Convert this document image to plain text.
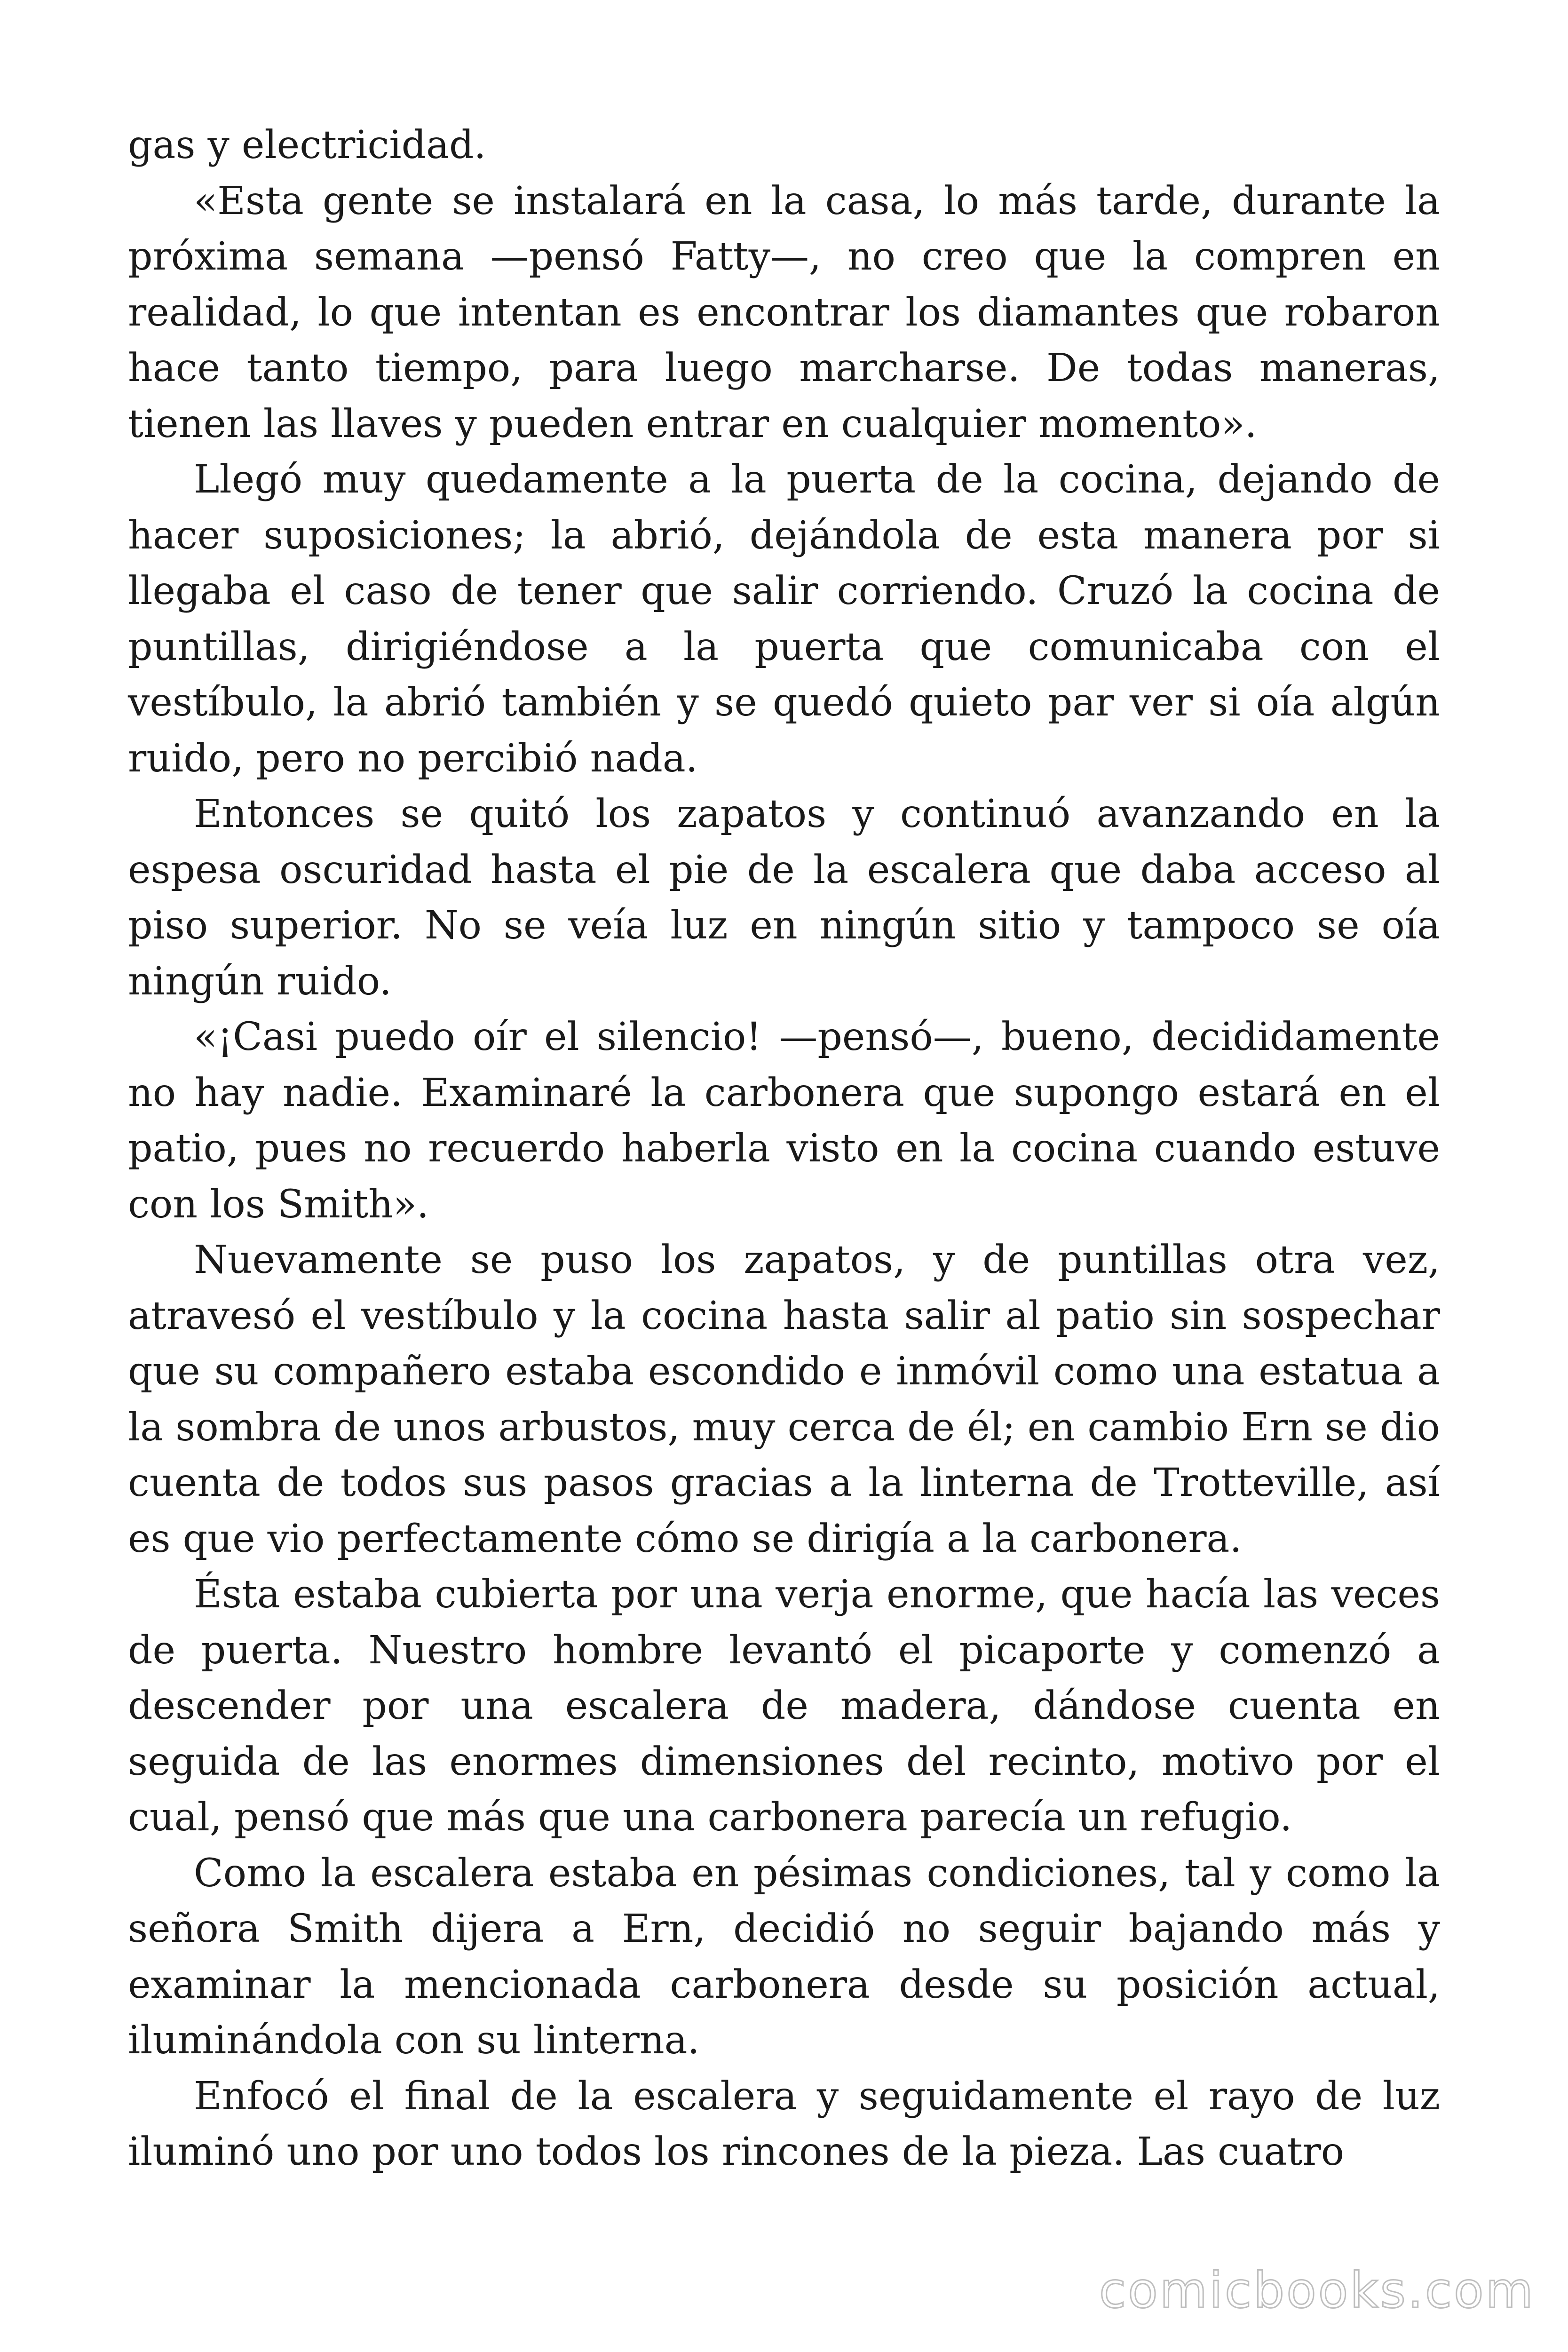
gas y electricidad.

«Esta gente se instalará en la casa, lo más tarde, durante la próxima semana —pensó Fatty—, no creo que la compren en realidad, lo que intentan es encontrar los diamantes que robaron hace tanto tiempo, para luego marcharse. De todas maneras, tienen las llaves y pueden entrar en cualquier momento».

Llegó muy quedamente a la puerta de la cocina, dejando de hacer suposiciones; la abrió, dejándola de esta manera por si llegaba el caso de tener que salir corriendo. Cruzó la cocina de puntillas, dirigiéndose a la puerta que comunicaba con el vestíbulo, la abrió también y se quedó quieto par ver si oía algún ruido, pero no percibió nada.

Entonces se quitó los zapatos y continuó avanzando en la espesa oscuridad hasta el pie de la escalera que daba acceso al piso superior. No se veía luz en ningún sitio y tampoco se oía ningún ruido.

«¡Casi puedo oír el silencio! —pensó—, bueno, decididamente no hay nadie. Examinaré la carbonera que supongo estará en el patio, pues no recuerdo haberla visto en la cocina cuando estuve con los Smith».

Nuevamente se puso los zapatos, y de puntillas otra vez, atravesó el vestíbulo y la cocina hasta salir al patio sin sospechar que su compañero estaba escondido e inmóvil como una estatua a la sombra de unos arbustos, muy cerca de él; en cambio Ern se dio cuenta de todos sus pasos gracias a la linterna de Trotteville, así es que vio perfectamente cómo se dirigía a la carbonera.

Ésta estaba cubierta por una verja enorme, que hacía las veces de puerta. Nuestro hombre levantó el picaporte y comenzó a descender por una escalera de madera, dándose cuenta en seguida de las enormes dimensiones del recinto, motivo por el cual, pensó que más que una carbonera parecía un refugio.

Como la escalera estaba en pésimas condiciones, tal y como la señora Smith dijera a Ern, decidió no seguir bajando más y examinar la mencionada carbonera desde su posición actual, iluminándola con su linterna.

Enfocó el final de la escalera y seguidamente el rayo de luz iluminó uno por uno todos los rincones de la pieza. Las cuatro

comicbooks.com
